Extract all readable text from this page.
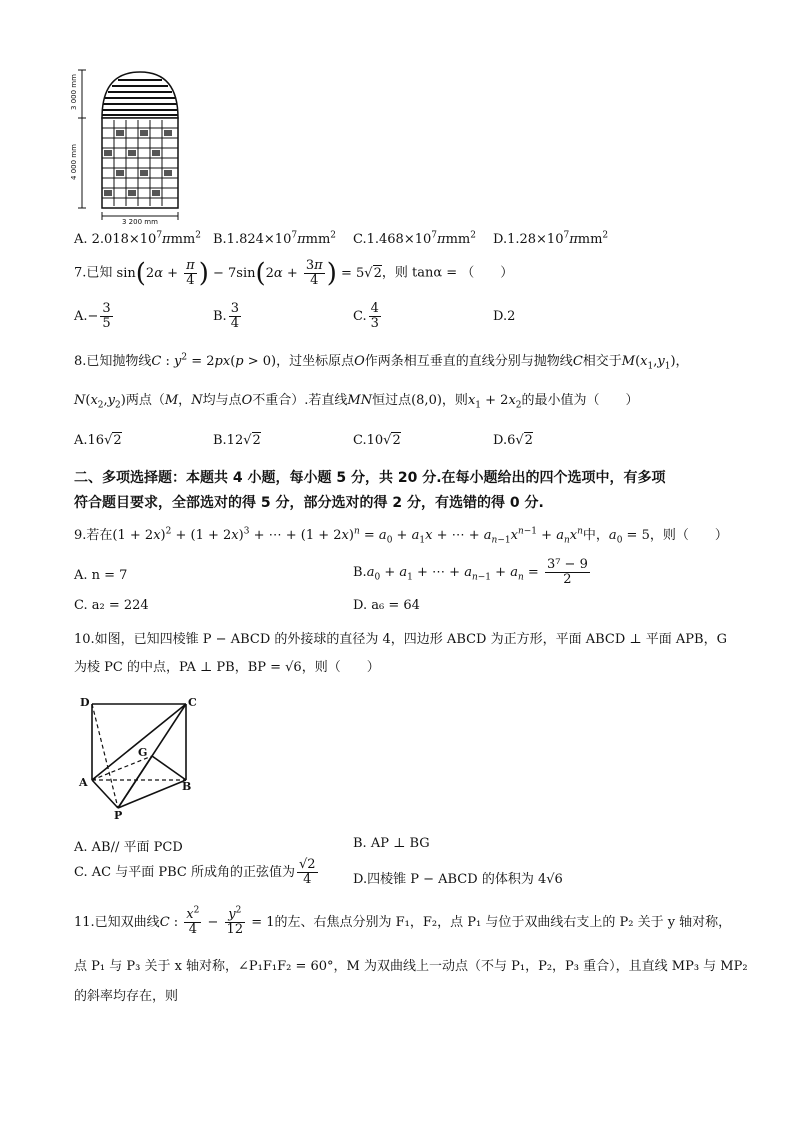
3 000 mm
4 000 mm
3 200 mm
A. $2.018\times 10^7\pi mm^2$ $B.1.824\times 10^7\pi mm^2$ $C.1.468\times 10^7\pi mm^2$ $D.1.28\times 10^7\pi mm^2$
7.已知 $\sin(2\alpha + \frac{\pi}{4}$ ) − $7\sin(2\alpha + \frac{3\pi}{4}$ ) = 5√2，则 tanα = （　　）
$A.- \frac{3}{5}$	B. $\frac{3}{4}$	C. $\frac{4}{3}$	D.2
8.已知抛物线C : $y^2 = 2px(p > 0)$，过坐标原点O作两条相互垂直的直线分别与抛物线C相交于$M(x_1,y_1)$，
$N(x_2,y_2)$两点（M，N均与点O不重合）.若直线MN恒过点(8,0)，则$x_1 + 2x_2$的最小值为（　　）
A.16√2	B.12√2	C.10√2	D.6√2
二、多项选择题：本题共 4 小题，每小题 5 分，共 20 分.在每小题给出的四个选项中，有多项
符合题目要求，全部选对的得 5 分，部分选对的得 2 分，有选错的得 0 分.
9.若在$(1 + 2x)^2 + (1 + 2x)^3$ + ⋯ + $(1 + 2x)^n = a_0 + a_1x$ + ⋯ + $a_{n-1}x^{n-1} + a_nx^n$中，$a_0 = 5$，则（　　）
A. n = 7	$B.a_0 + a_1$ + ⋯ + $a_{n-1} + a_n = \frac{\text{3⁷ − 9}}{2}$
C. a₂ = 224	D. a₆ = 64
10.如图，已知四棱锥 P − ABCD 的外接球的直径为 4，四边形 ABCD 为正方形，平面 ABCD ⊥ 平面 APB，G
为棱 PC 的中点，PA ⊥ PB，BP = √6，则（　　）
D	C
G
A	B
P
A. AB// 平面 PCD	B. AP ⊥ BG
C. AC 与平面 PBC 所成角的正弦值为 $\frac{√2}{4}$	D.四棱锥 P − ABCD 的体积为 4√6
11.已知双曲线C : $\frac{x^2}{4} - \frac{y^2}{12} = 1$的左、右焦点分别为 F₁，F₂，点 P₁ 与位于双曲线右支上的 P₂ 关于 y 轴对称，
点 P₁ 与 P₃ 关于 x 轴对称，∠P₁F₁F₂ = 60°，M 为双曲线上一动点（不与 P₁，P₂，P₃ 重合），且直线 MP₃ 与 MP₂
的斜率均存在，则
